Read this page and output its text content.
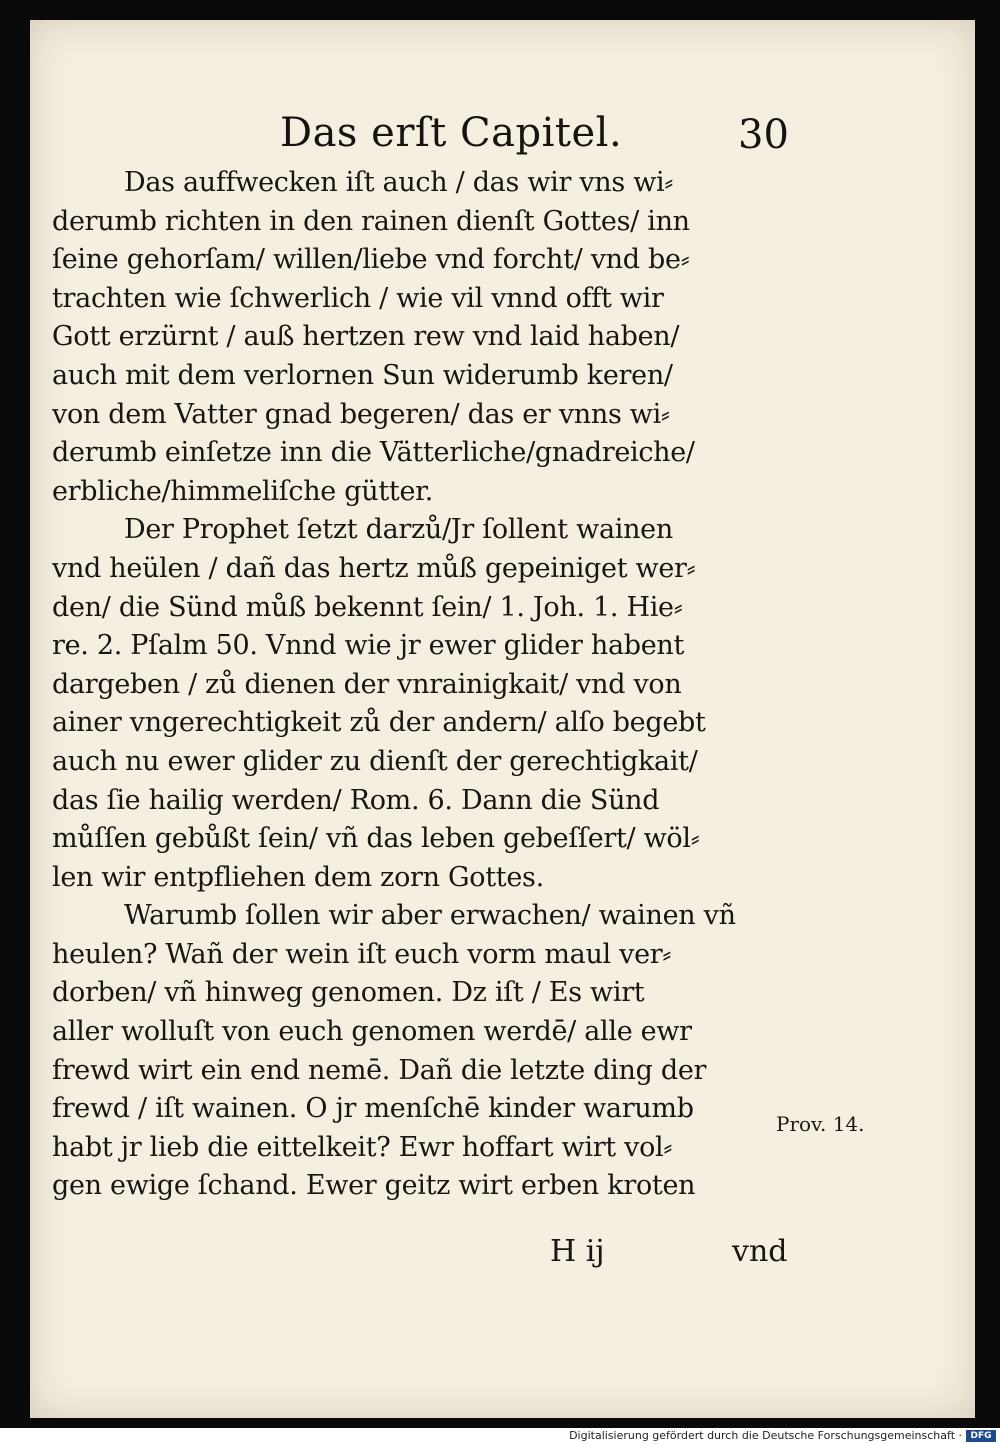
Das erſt Capitel.	30
Das auffwecken iſt auch / das wir vns wi⸗
derumb richten in den rainen dienſt Gottes/ inn
ſeine gehorſam/ willen/liebe vnd forcht/ vnd be⸗
trachten wie ſchwerlich / wie vil vnnd offt wir
Gott erzürnt / auß hertzen rew vnd laid haben/
auch mit dem verlornen Sun widerumb keren/
von dem Vatter gnad begeren/ das er vnns wi⸗
derumb einſetze inn die Vätterliche/gnadreiche/
erbliche/himmeliſche gütter.
Der Prophet ſetzt darzů/Jr ſollent wainen
vnd heülen / dañ das hertz můß gepeiniget wer⸗
den/ die Sünd můß bekennt ſein/ 1. Joh. 1. Hie⸗
re. 2. Pſalm 50. Vnnd wie jr ewer glider habent
dargeben / zů dienen der vnrainigkait/ vnd von
ainer vngerechtigkeit zů der andern/ alſo begebt
auch nu ewer glider zu dienſt der gerechtigkait/
das ſie hailig werden/ Rom. 6. Dann die Sünd
můſſen gebůßt ſein/ vñ das leben gebeſſert/ wöl⸗
len wir entpfliehen dem zorn Gottes.
Warumb ſollen wir aber erwachen/ wainen vñ
heulen? Wañ der wein iſt euch vorm maul ver⸗
dorben/ vñ hinweg genomen. Dz iſt / Es wirt
aller wolluſt von euch genomen werdē/ alle ewr
frewd wirt ein end nemē. Dañ die letzte ding der
frewd / iſt wainen. O jr menſchē kinder warumb
habt jr lieb die eittelkeit? Ewr hoffart wirt vol⸗
gen ewige ſchand. Ewer geitz wirt erben kroten
Prov. 14.
H ij	vnd
Digitalisierung gefördert durch die Deutsche Forschungsgemeinschaft · DFG
